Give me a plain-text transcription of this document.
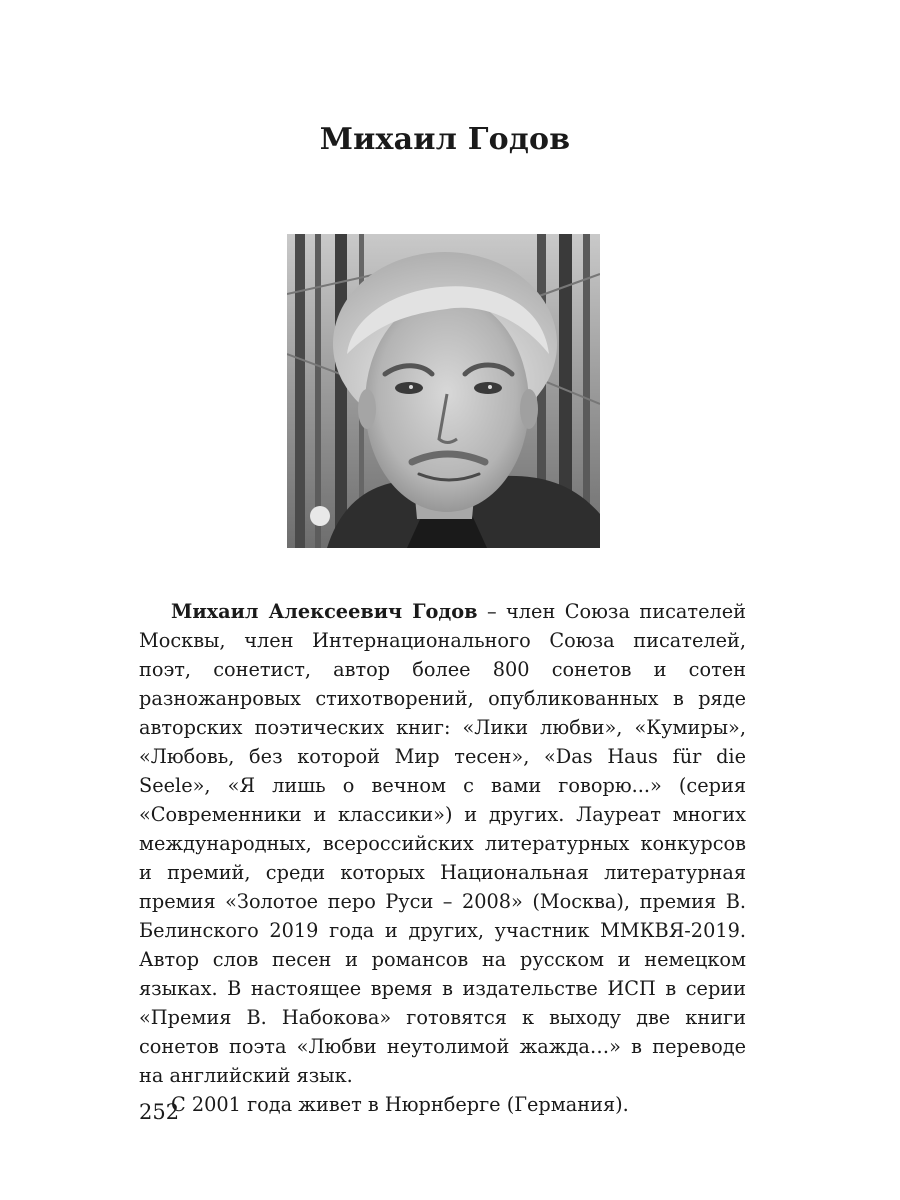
Михаил Годов

Михаил Алексеевич Годов – член Союза писателей Москвы, член Интернационального Союза писателей, поэт, сонетист, автор более 800 сонетов и сотен разножанровых стихотворений, опубликованных в ряде авторских поэтических книг: «Лики любви», «Кумиры», «Любовь, без которой Мир тесен», «Das Haus für die Seele», «Я лишь о вечном с вами говорю...» (серия «Современники и классики») и других. Лауреат многих международных, всероссийских литературных конкурсов и премий, среди которых Национальная литературная премия «Золотое перо Руси – 2008» (Москва), премия В. Белинского 2019 года и других, участник ММКВЯ-2019. Автор слов песен и романсов на русском и немецком языках. В настоящее время в издательстве ИСП в серии «Премия В. Набокова» готовятся к выходу две книги сонетов поэта «Любви неутолимой жажда…» в переводе на английский язык.

С 2001 года живет в Нюрнберге (Германия).

252
